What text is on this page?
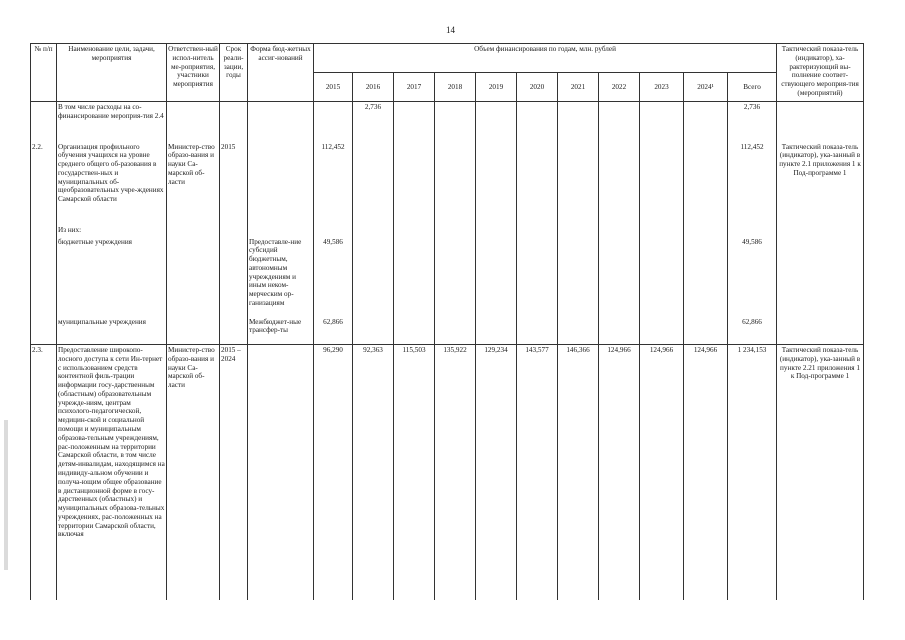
14
№ п/п	Наименование цели, задачи, мероприятия	Ответствен-ный испол-нитель ме-роприятия, участники мероприятия	Срок реали-зации, годы	Форма бюд-жетных ассиг-нований	Объем финансирования по годам, млн. рублей											Тактический показа-тель (индикатор), ха-рактеризующий вы-полнение соответ-ствующего мероприя-тия (мероприятий)
					2015	2016	2017	2018	2019	2020	2021	2022	2023	2024¹	Всего	
	В том числе расходы на со-финансирование мероприя-тия 2.4					2,736									2,736	
2.2.	Организация профильного обучения учащихся на уровне среднего общего об-разования в государствен-ных и муниципальных об-щеобразовательных учре-ждениях Самарской области	Министер-ство образо-вания и науки Са-марской об-ласти	2015		112,452										112,452	Тактический показа-тель (индикатор), ука-занный в пункте 2.1 приложения 1 к Под-программе 1
	Из них:															
	бюджетные учреждения			Предоставле-ние субсидий бюджетным, автономным учреждениям и иным неком-мерческим ор-ганизациям	49,586										49,586	
	муниципальные учреждения			Межбюджет-ные трансфер-ты	62,866										62,866	
2.3.	Предоставление широкопо-лосного доступа к сети Ин-тернет с использованием средств контентной филь-трации информации госу-дарственным (областным) образовательным учрежде-ниям, центрам психолого-педагогической, медицин-ской и социальной помощи и муниципальным образова-тельным учреждениям, рас-положенным на территории Самарской области, в том числе детям-инвалидам, находящимся на индивиду-альном обучении и получа-ющим общее образование в дистанционной форме в госу-дарственных (областных) и муниципальных образова-тельных учреждениях, рас-положенных на территории Самарской области, включая	Министер-ство образо-вания и науки Са-марской об-ласти	2015 – 2024		96,290	92,363	115,503	135,922	129,234	143,577	146,366	124,966	124,966	124,966	1 234,153	Тактический показа-тель (индикатор), ука-занный в пункте 2.21 приложения 1 к Под-программе 1
